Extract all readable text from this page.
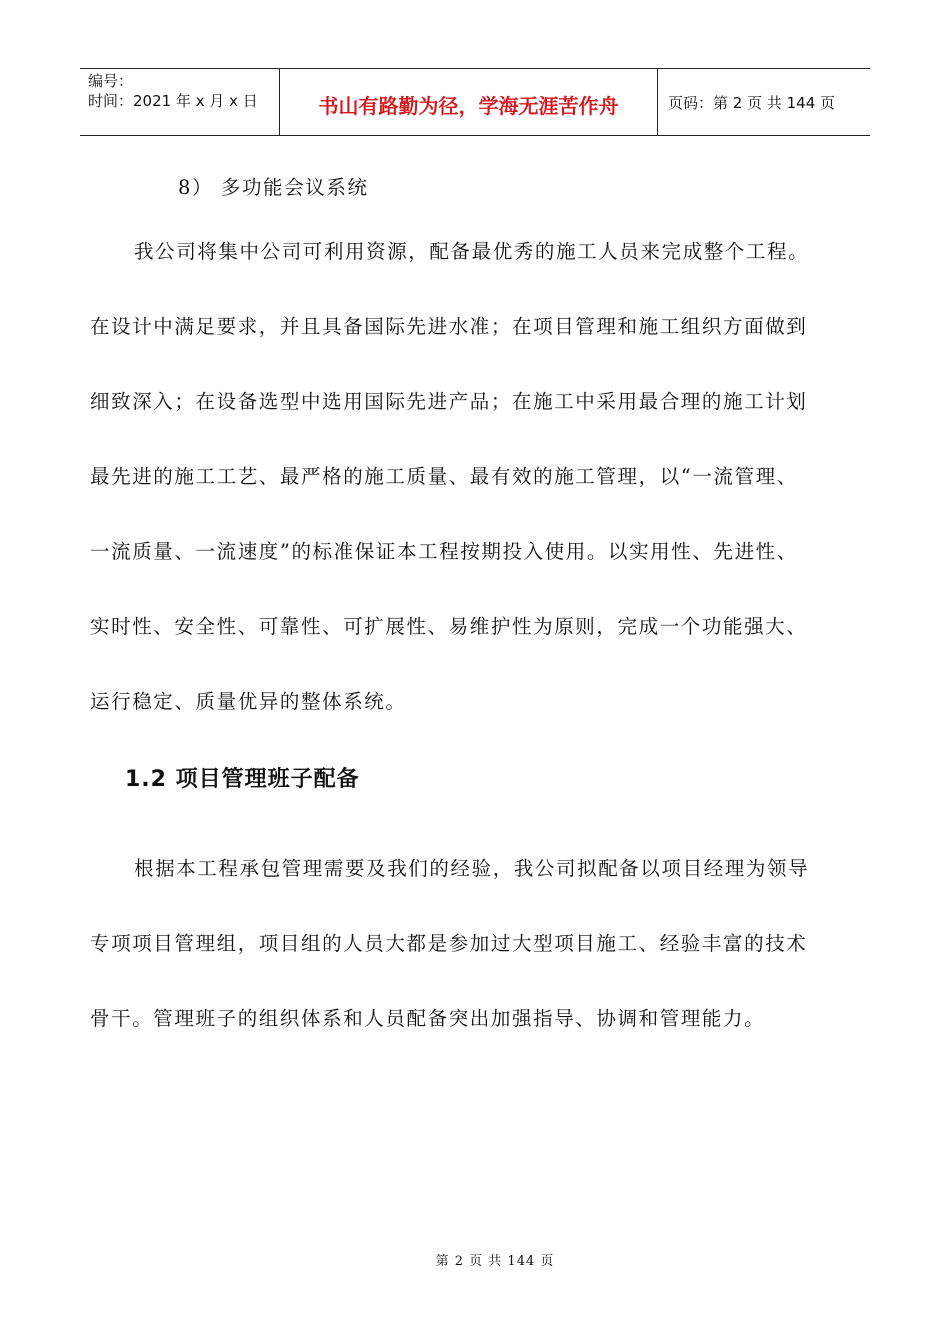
编号：
时间：2021 年 x 月 x 日	书山有路勤为径，学海无涯苦作舟	页码：第 2 页 共 144 页
8） 多功能会议系统
我公司将集中公司可利用资源，配备最优秀的施工人员来完成整个工程。
在设计中满足要求，并且具备国际先进水准；在项目管理和施工组织方面做到
细致深入；在设备选型中选用国际先进产品；在施工中采用最合理的施工计划
最先进的施工工艺、最严格的施工质量、最有效的施工管理，以“一流管理、
一流质量、一流速度”的标准保证本工程按期投入使用。以实用性、先进性、
实时性、安全性、可靠性、可扩展性、易维护性为原则，完成一个功能强大、
运行稳定、质量优异的整体系统。
1.2 项目管理班子配备
根据本工程承包管理需要及我们的经验，我公司拟配备以项目经理为领导
专项项目管理组，项目组的人员大都是参加过大型项目施工、经验丰富的技术
骨干。管理班子的组织体系和人员配备突出加强指导、协调和管理能力。
第 2 页 共 144 页
